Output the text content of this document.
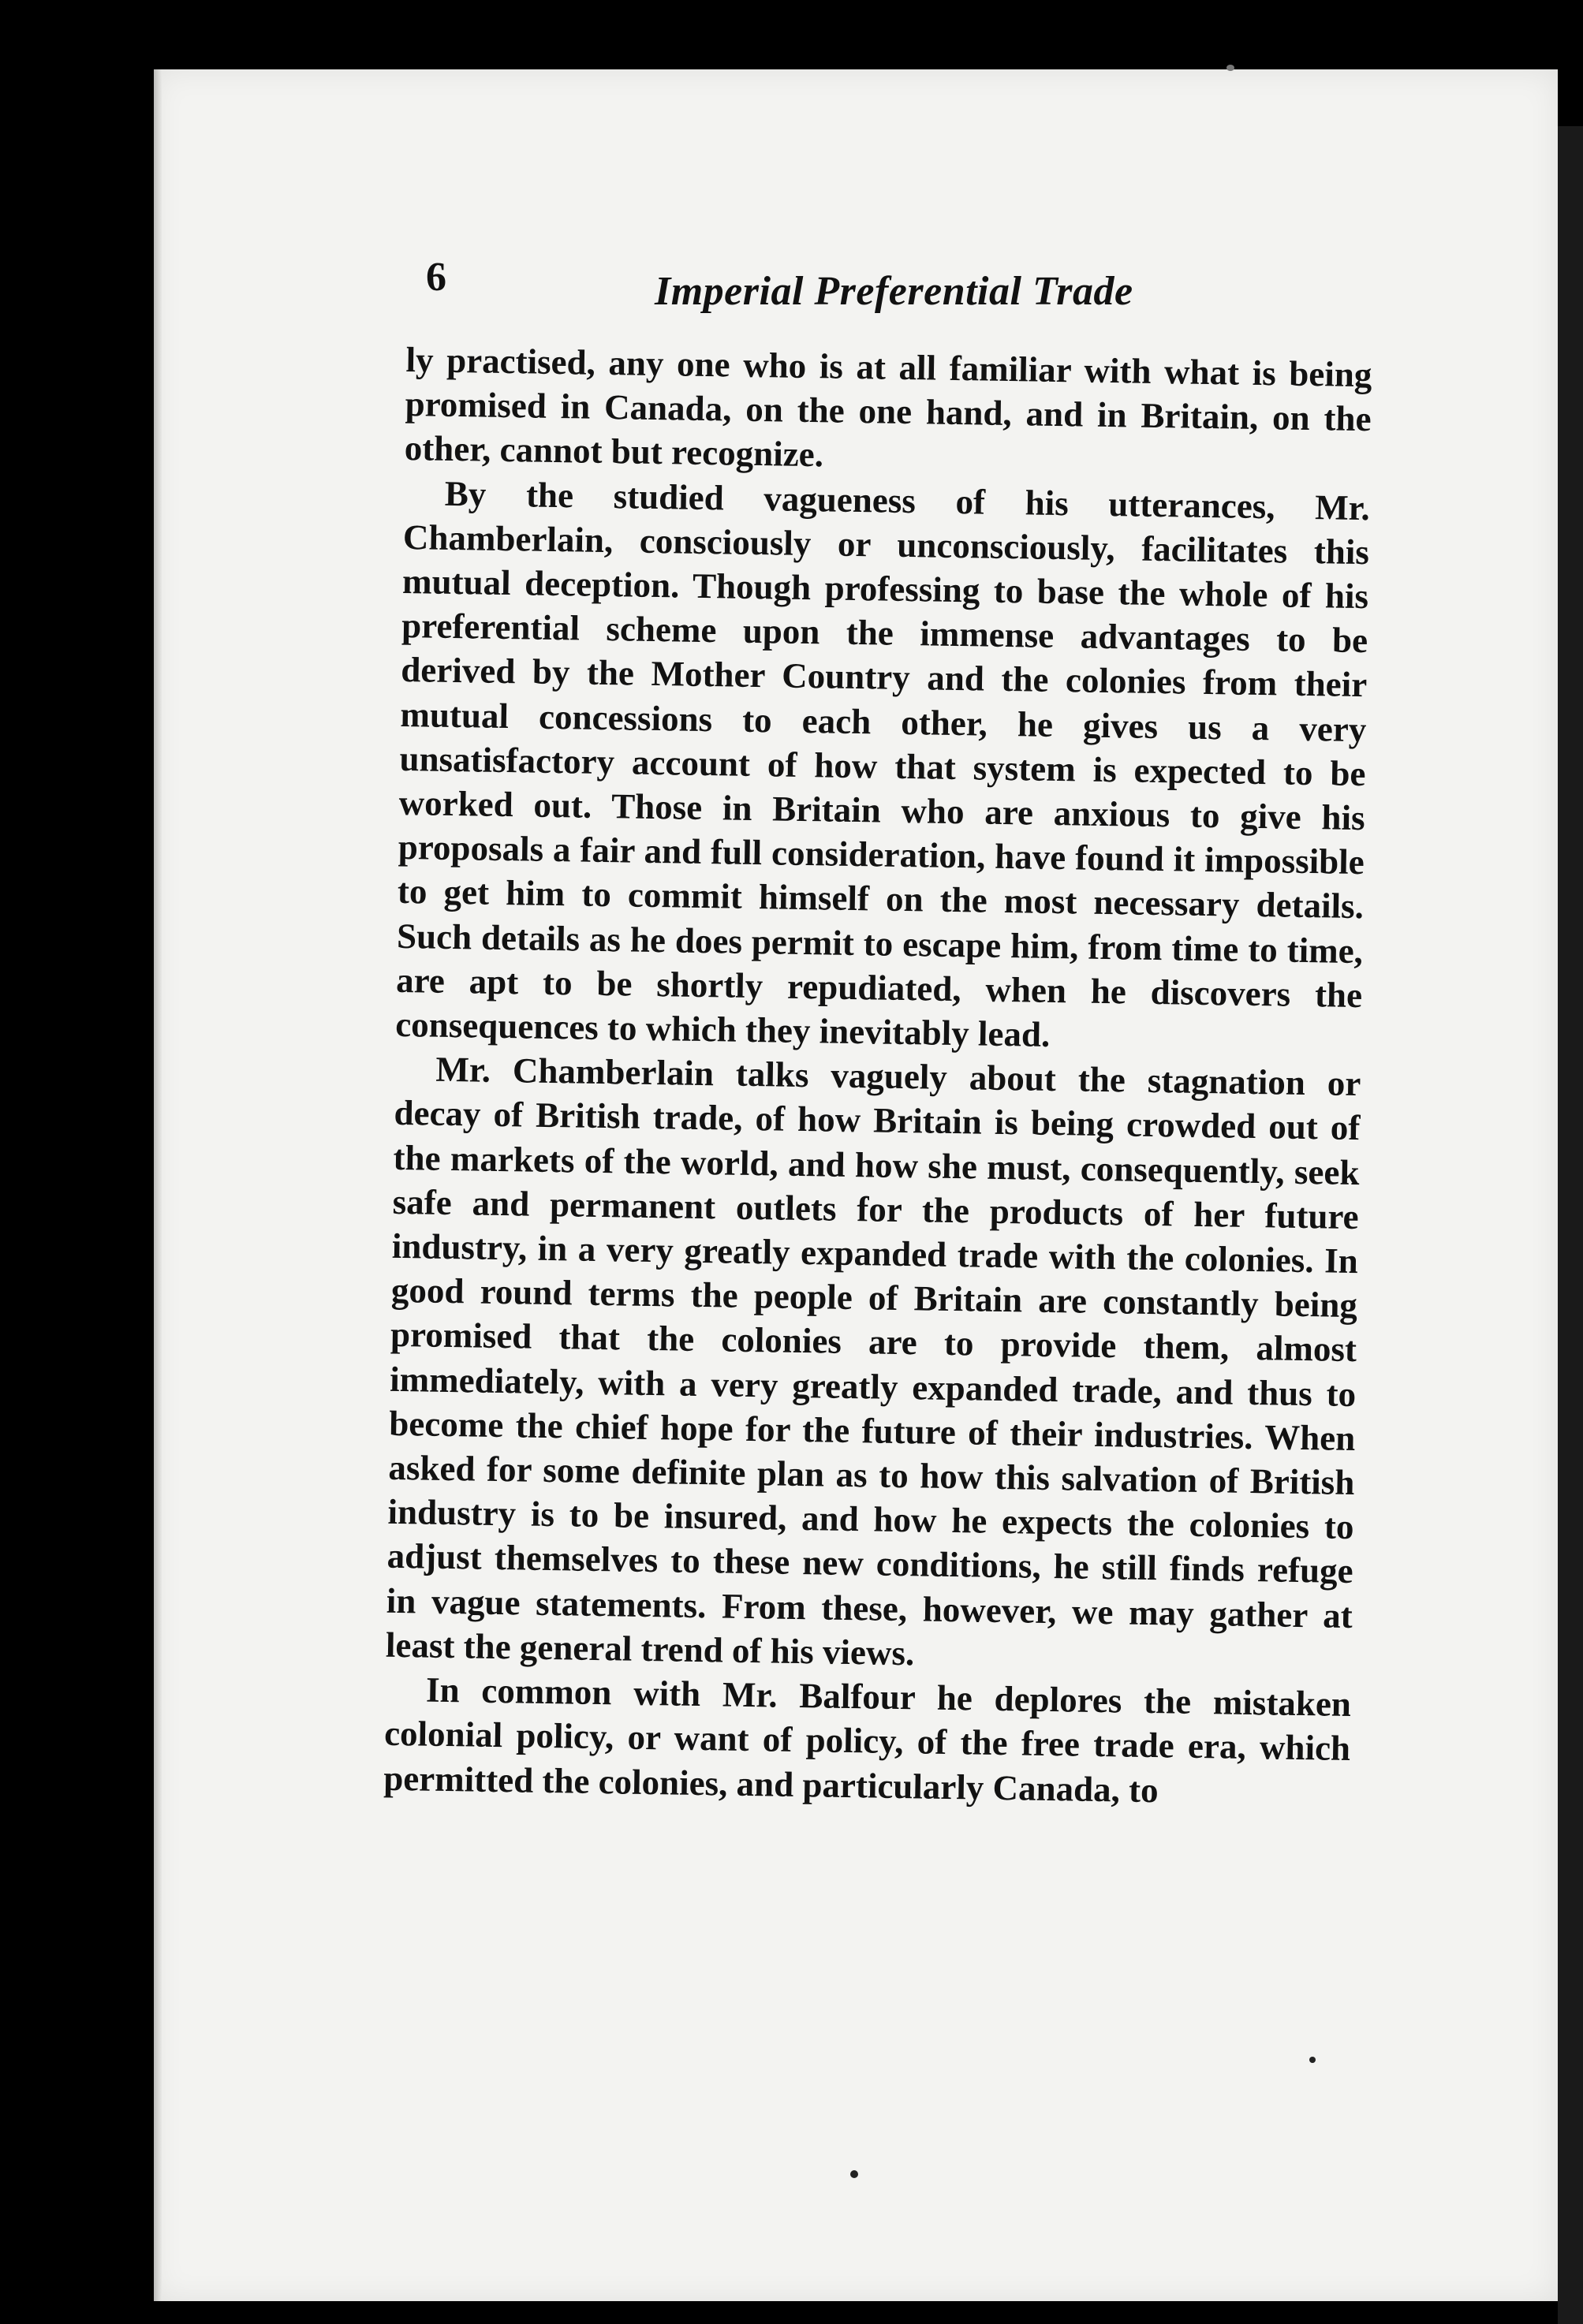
6	Imperial Preferential Trade

ly practised, any one who is at all familiar with what is being promised in Canada, on the one hand, and in Britain, on the other, cannot but recognize.

By the studied vagueness of his utterances, Mr. Chamberlain, consciously or unconsciously, facilitates this mutual deception. Though professing to base the whole of his preferential scheme upon the immense advantages to be derived by the Mother Country and the colonies from their mutual concessions to each other, he gives us a very unsatisfactory account of how that system is expected to be worked out. Those in Britain who are anxious to give his proposals a fair and full consideration, have found it impossible to get him to commit himself on the most necessary details. Such details as he does permit to escape him, from time to time, are apt to be shortly repudiated, when he discovers the consequences to which they inevitably lead.

Mr. Chamberlain talks vaguely about the stagnation or decay of British trade, of how Britain is being crowded out of the markets of the world, and how she must, consequently, seek safe and permanent outlets for the products of her future industry, in a very greatly expanded trade with the colonies. In good round terms the people of Britain are constantly being promised that the colonies are to provide them, almost immediately, with a very greatly expanded trade, and thus to become the chief hope for the future of their industries. When asked for some definite plan as to how this salvation of British industry is to be insured, and how he expects the colonies to adjust themselves to these new conditions, he still finds refuge in vague statements. From these, however, we may gather at least the general trend of his views.

In common with Mr. Balfour he deplores the mistaken colonial policy, or want of policy, of the free trade era, which permitted the colonies, and particularly Canada, to
